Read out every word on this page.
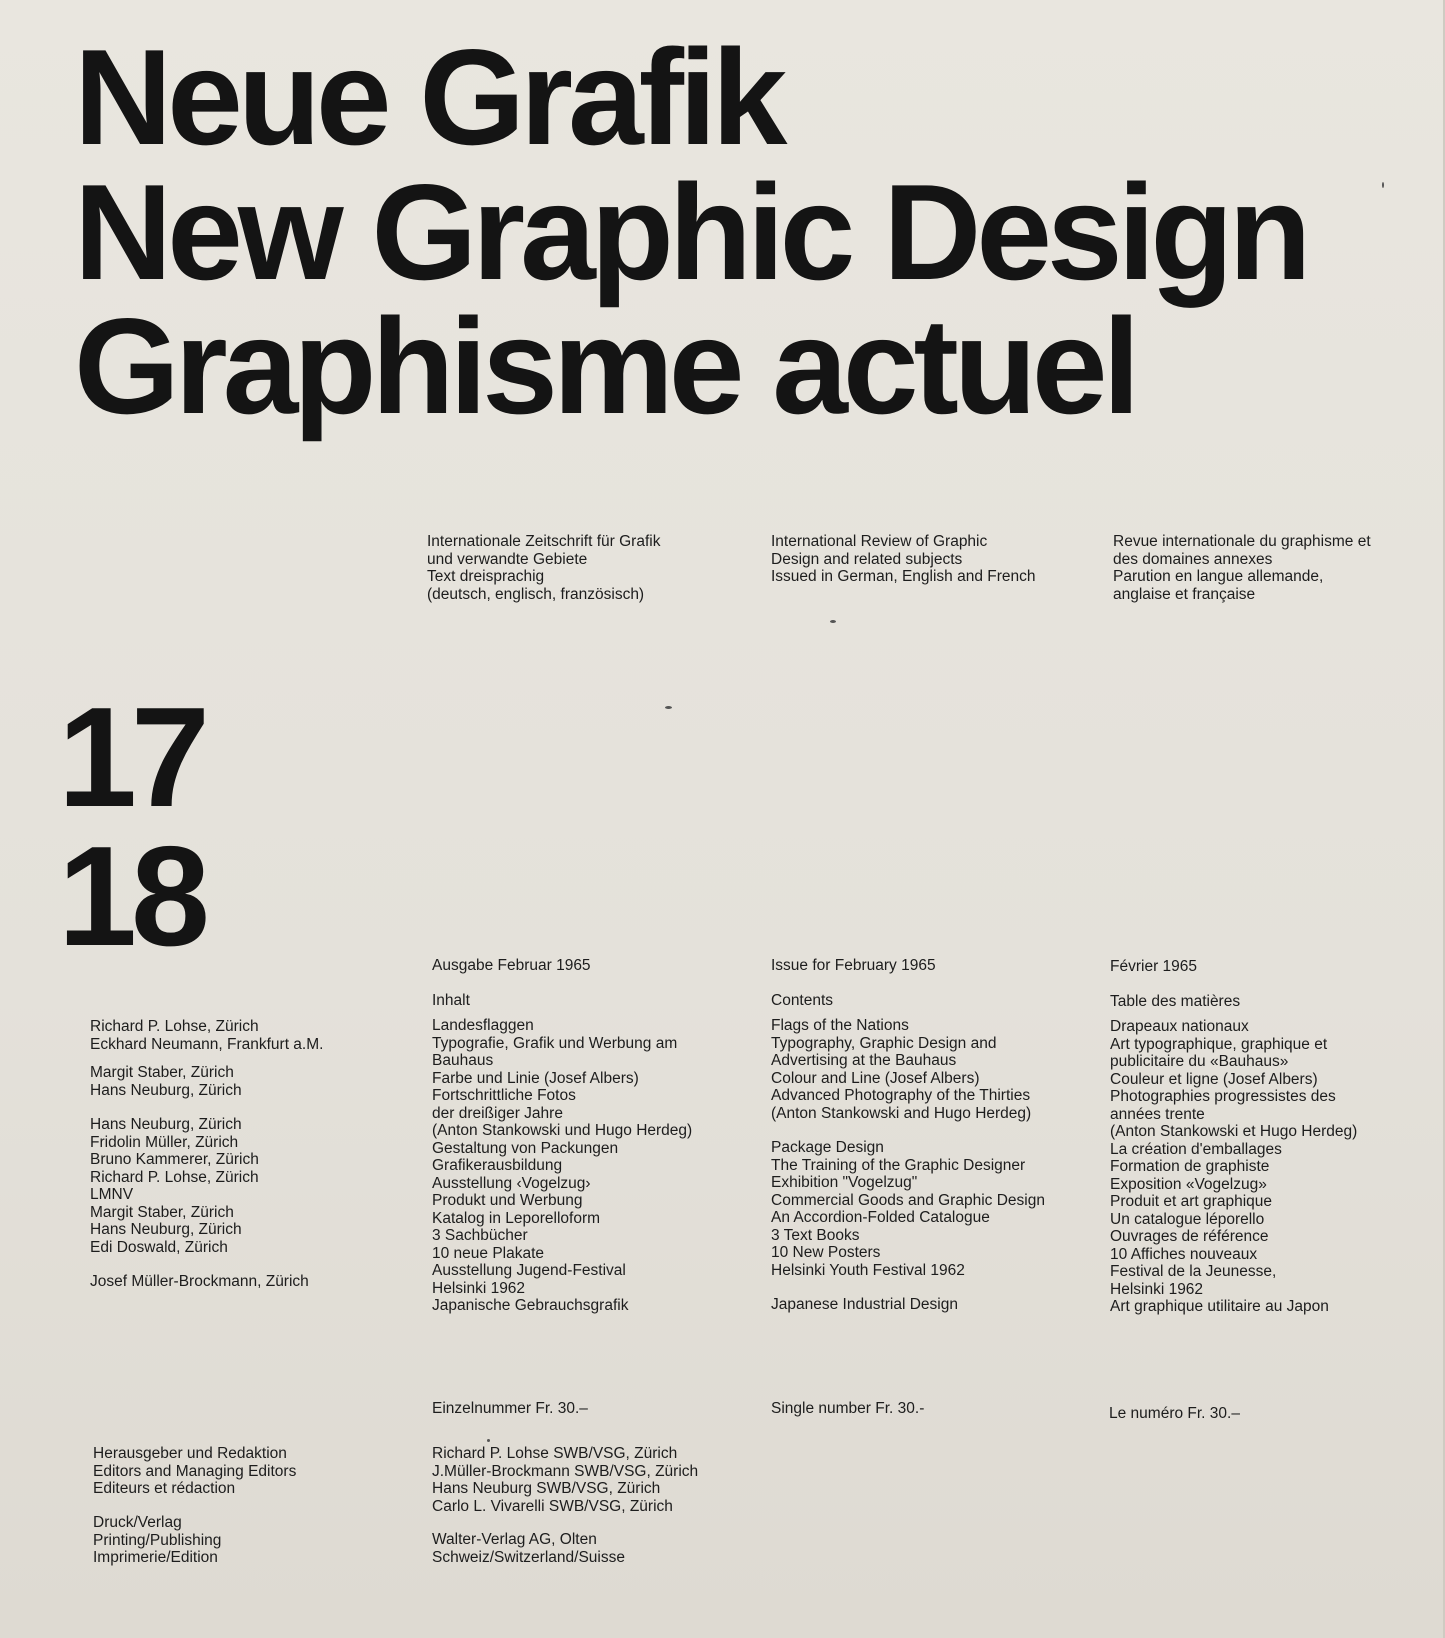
Neue Grafik
New Graphic Design
Graphisme actuel
Internationale Zeitschrift für Grafik
und verwandte Gebiete
Text dreisprachig
(deutsch, englisch, französisch)
International Review of Graphic
Design and related subjects
Issued in German, English and French
Revue internationale du graphisme et
des domaines annexes
Parution en langue allemande,
anglaise et française
17
18
Richard P. Lohse, Zürich
Eckhard Neumann, Frankfurt a.M.
Margit Staber, Zürich
Hans Neuburg, Zürich
Hans Neuburg, Zürich
Fridolin Müller, Zürich
Bruno Kammerer, Zürich
Richard P. Lohse, Zürich
LMNV
Margit Staber, Zürich
Hans Neuburg, Zürich
Edi Doswald, Zürich
Josef Müller-Brockmann, Zürich
Ausgabe Februar 1965
Inhalt
Landesflaggen
Typografie, Grafik und Werbung am
Bauhaus
Farbe und Linie (Josef Albers)
Fortschrittliche Fotos
der dreißiger Jahre
(Anton Stankowski und Hugo Herdeg)
Gestaltung von Packungen
Grafikerausbildung
Ausstellung ‹Vogelzug›
Produkt und Werbung
Katalog in Leporelloform
3 Sachbücher
10 neue Plakate
Ausstellung Jugend-Festival
Helsinki 1962
Japanische Gebrauchsgrafik
Issue for February 1965
Contents
Flags of the Nations
Typography, Graphic Design and
Advertising at the Bauhaus
Colour and Line (Josef Albers)
Advanced Photography of the Thirties
(Anton Stankowski and Hugo Herdeg)
Package Design
The Training of the Graphic Designer
Exhibition "Vogelzug"
Commercial Goods and Graphic Design
An Accordion-Folded Catalogue
3 Text Books
10 New Posters
Helsinki Youth Festival 1962
Japanese Industrial Design
Février 1965
Table des matières
Drapeaux nationaux
Art typographique, graphique et
publicitaire du «Bauhaus»
Couleur et ligne (Josef Albers)
Photographies progressistes des
années trente
(Anton Stankowski et Hugo Herdeg)
La création d'emballages
Formation de graphiste
Exposition «Vogelzug»
Produit et art graphique
Un catalogue léporello
Ouvrages de référence
10 Affiches nouveaux
Festival de la Jeunesse,
Helsinki 1962
Art graphique utilitaire au Japon
Einzelnummer Fr. 30.–	Single number Fr. 30.-	Le numéro Fr. 30.–
Herausgeber und Redaktion
Editors and Managing Editors
Editeurs et rédaction
Richard P. Lohse SWB/VSG, Zürich
J.Müller-Brockmann SWB/VSG, Zürich
Hans Neuburg SWB/VSG, Zürich
Carlo L. Vivarelli SWB/VSG, Zürich
Druck/Verlag
Printing/Publishing
Imprimerie/Edition
Walter-Verlag AG, Olten
Schweiz/Switzerland/Suisse
